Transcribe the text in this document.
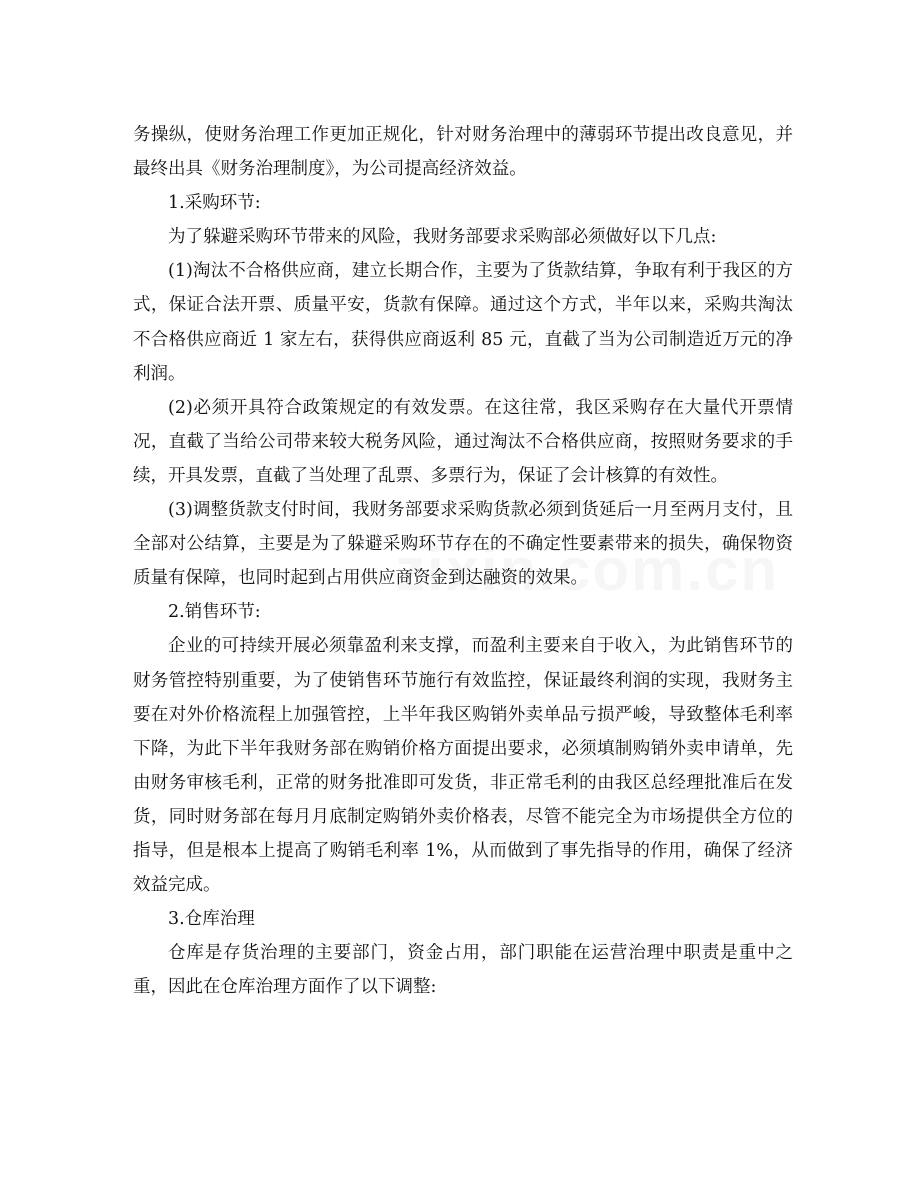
务操纵，使财务治理工作更加正规化，针对财务治理中的薄弱环节提出改良意见，并最终出具《财务治理制度》，为公司提高经济效益。

1.采购环节:

为了躲避采购环节带来的风险，我财务部要求采购部必须做好以下几点:

(1)淘汰不合格供应商，建立长期合作，主要为了货款结算，争取有利于我区的方式，保证合法开票、质量平安，货款有保障。通过这个方式，半年以来，采购共淘汰不合格供应商近 1 家左右，获得供应商返利 85 元，直截了当为公司制造近万元的净利润。

(2)必须开具符合政策规定的有效发票。在这往常，我区采购存在大量代开票情况，直截了当给公司带来较大税务风险，通过淘汰不合格供应商，按照财务要求的手续，开具发票，直截了当处理了乱票、多票行为，保证了会计核算的有效性。

(3)调整货款支付时间，我财务部要求采购货款必须到货延后一月至两月支付，且全部对公结算，主要是为了躲避采购环节存在的不确定性要素带来的损失，确保物资质量有保障，也同时起到占用供应商资金到达融资的效果。

2.销售环节:

企业的可持续开展必须靠盈利来支撑，而盈利主要来自于收入，为此销售环节的财务管控特别重要，为了使销售环节施行有效监控，保证最终利润的实现，我财务主要在对外价格流程上加强管控，上半年我区购销外卖单品亏损严峻，导致整体毛利率下降，为此下半年我财务部在购销价格方面提出要求，必须填制购销外卖申请单，先由财务审核毛利，正常的财务批准即可发货，非正常毛利的由我区总经理批准后在发货，同时财务部在每月月底制定购销外卖价格表，尽管不能完全为市场提供全方位的指导，但是根本上提高了购销毛利率 1%，从而做到了事先指导的作用，确保了经济效益完成。

3.仓库治理

仓库是存货治理的主要部门，资金占用，部门职能在运营治理中职责是重中之重，因此在仓库治理方面作了以下调整:
